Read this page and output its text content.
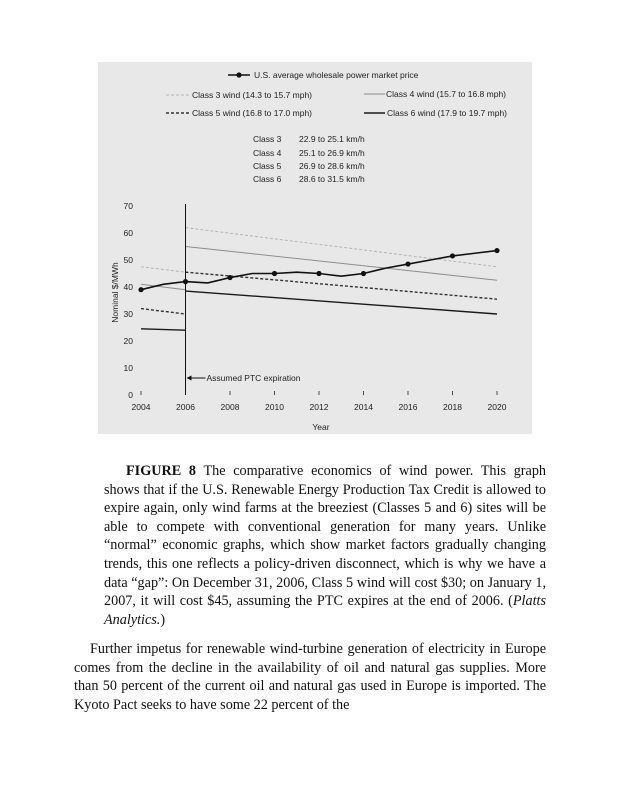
U.S. average wholesale power market price
Class 3 wind (14.3 to 15.7 mph)	Class 4 wind (15.7 to 16.8 mph)
Class 5 wind (16.8 to 17.0 mph)	Class 6 wind (17.9 to 19.7 mph)
Class 3 22.9 to 25.1 km/h
Class 4 25.1 to 26.9 km/h
Class 5 26.9 to 28.6 km/h
Class 6 28.6 to 31.5 km/h
0
10
20
30
40
50
60
70
2004	2006	2008	2010	2012	2014	2016	2018	2020
Assumed PTC expiration
Nominal $/MWh
Year
FIGURE 8 The comparative economics of wind power. This graph shows that if the U.S. Renewable Energy Production Tax Credit is allowed to expire again, only wind farms at the breeziest (Classes 5 and 6) sites will be able to compete with conventional generation for many years. Unlike “normal” economic graphs, which show market factors gradually changing trends, this one reflects a policy-driven disconnect, which is why we have a data “gap”: On December 31, 2006, Class 5 wind will cost $30; on January 1, 2007, it will cost $45, assuming the PTC expires at the end of 2006. (Platts Analytics.)
Further impetus for renewable wind-turbine generation of electricity in Europe comes from the decline in the availability of oil and natural gas supplies. More than 50 percent of the current oil and natural gas used in Europe is imported. The Kyoto Pact seeks to have some 22 percent of the
